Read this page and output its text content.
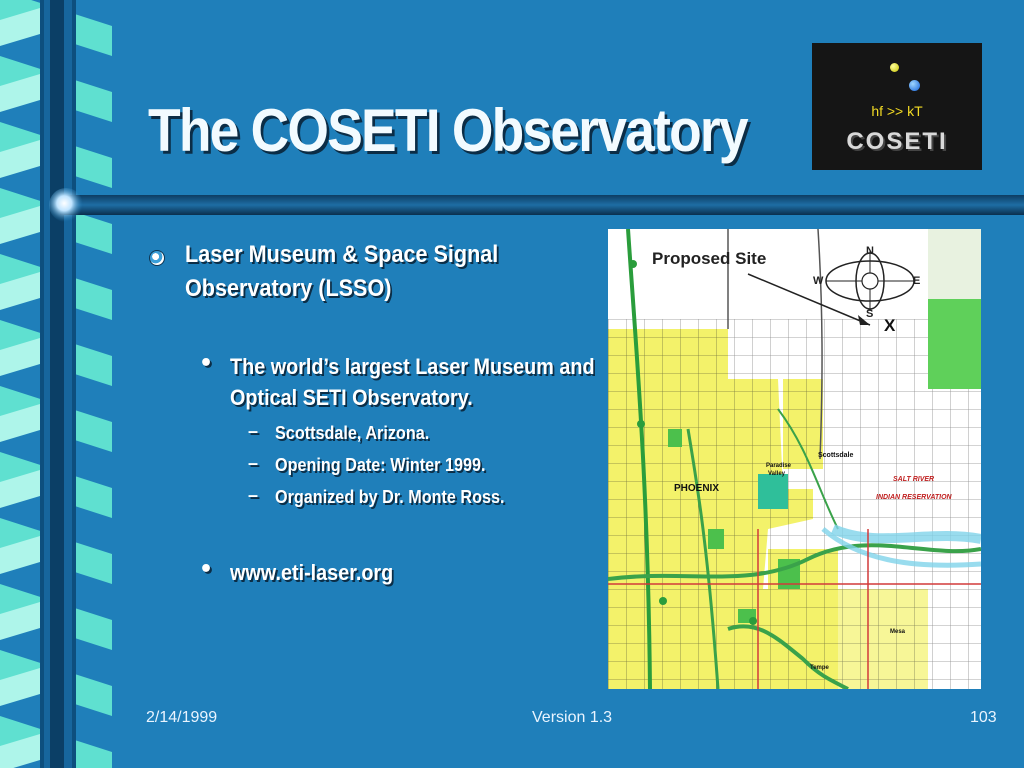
The COSETI Observatory	hf >> kT
COSETI
Laser Museum & Space Signal Observatory (LSSO)
• The world’s largest Laser Museum and Optical SETI Observatory.
– Scottsdale, Arizona.
– Opening Date: Winter 1999.
– Organized by Dr. Monte Ross.
• www.eti-laser.org
Proposed Site	N
S
E
W
X
PHOENIX
Scottsdale
Paradise
Valley
SALT RIVER
INDIAN RESERVATION
Tempe
Mesa
2/14/1999	Version 1.3	103
